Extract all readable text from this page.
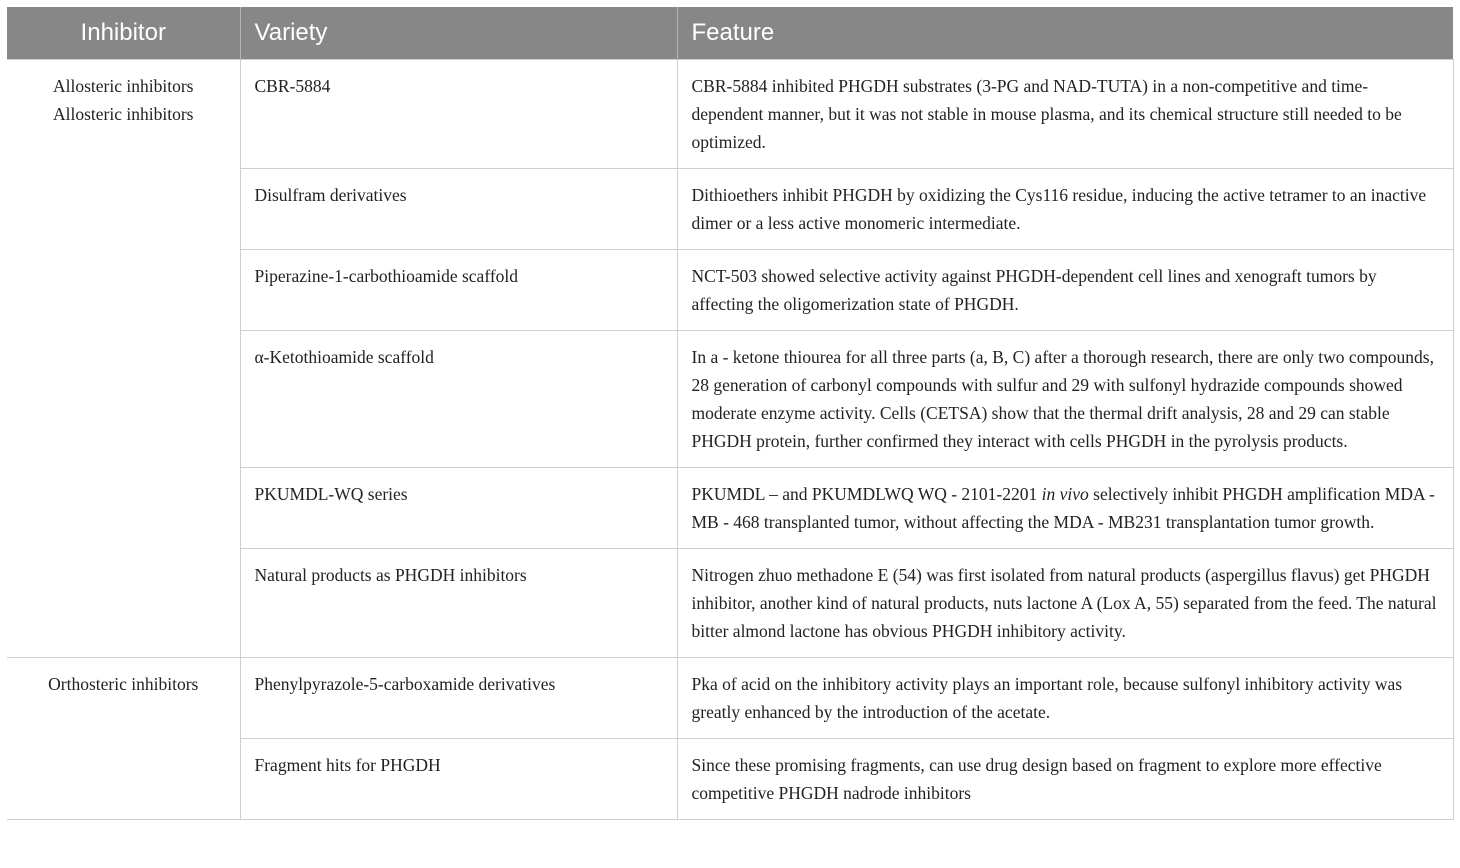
Inhibitor	Variety	Feature

Allosteric inhibitors
Allosteric inhibitors	CBR-5884	CBR-5884 inhibited PHGDH substrates (3-PG and NAD-TUTA) in a non-competitive and time-dependent manner, but it was not stable in mouse plasma, and its chemical structure still needed to be optimized.
	Disulfram derivatives	Dithioethers inhibit PHGDH by oxidizing the Cys116 residue, inducing the active tetramer to an inactive dimer or a less active monomeric intermediate.
	Piperazine-1-carbothioamide scaffold	NCT-503 showed selective activity against PHGDH-dependent cell lines and xenograft tumors by affecting the oligomerization state of PHGDH.
	α-Ketothioamide scaffold	In a - ketone thiourea for all three parts (a, B, C) after a thorough research, there are only two compounds, 28 generation of carbonyl compounds with sulfur and 29 with sulfonyl hydrazide compounds showed moderate enzyme activity. Cells (CETSA) show that the thermal drift analysis, 28 and 29 can stable PHGDH protein, further confirmed they interact with cells PHGDH in the pyrolysis products.
	PKUMDL-WQ series	PKUMDL – and PKUMDLWQ WQ - 2101-2201 in vivo selectively inhibit PHGDH amplification MDA - MB - 468 transplanted tumor, without affecting the MDA - MB231 transplantation tumor growth.
	Natural products as PHGDH inhibitors	Nitrogen zhuo methadone E (54) was first isolated from natural products (aspergillus flavus) get PHGDH inhibitor, another kind of natural products, nuts lactone A (Lox A, 55) separated from the feed. The natural bitter almond lactone has obvious PHGDH inhibitory activity.

Orthosteric inhibitors	Phenylpyrazole-5-carboxamide derivatives	Pka of acid on the inhibitory activity plays an important role, because sulfonyl inhibitory activity was greatly enhanced by the introduction of the acetate.
	Fragment hits for PHGDH	Since these promising fragments, can use drug design based on fragment to explore more effective competitive PHGDH nadrode inhibitors
